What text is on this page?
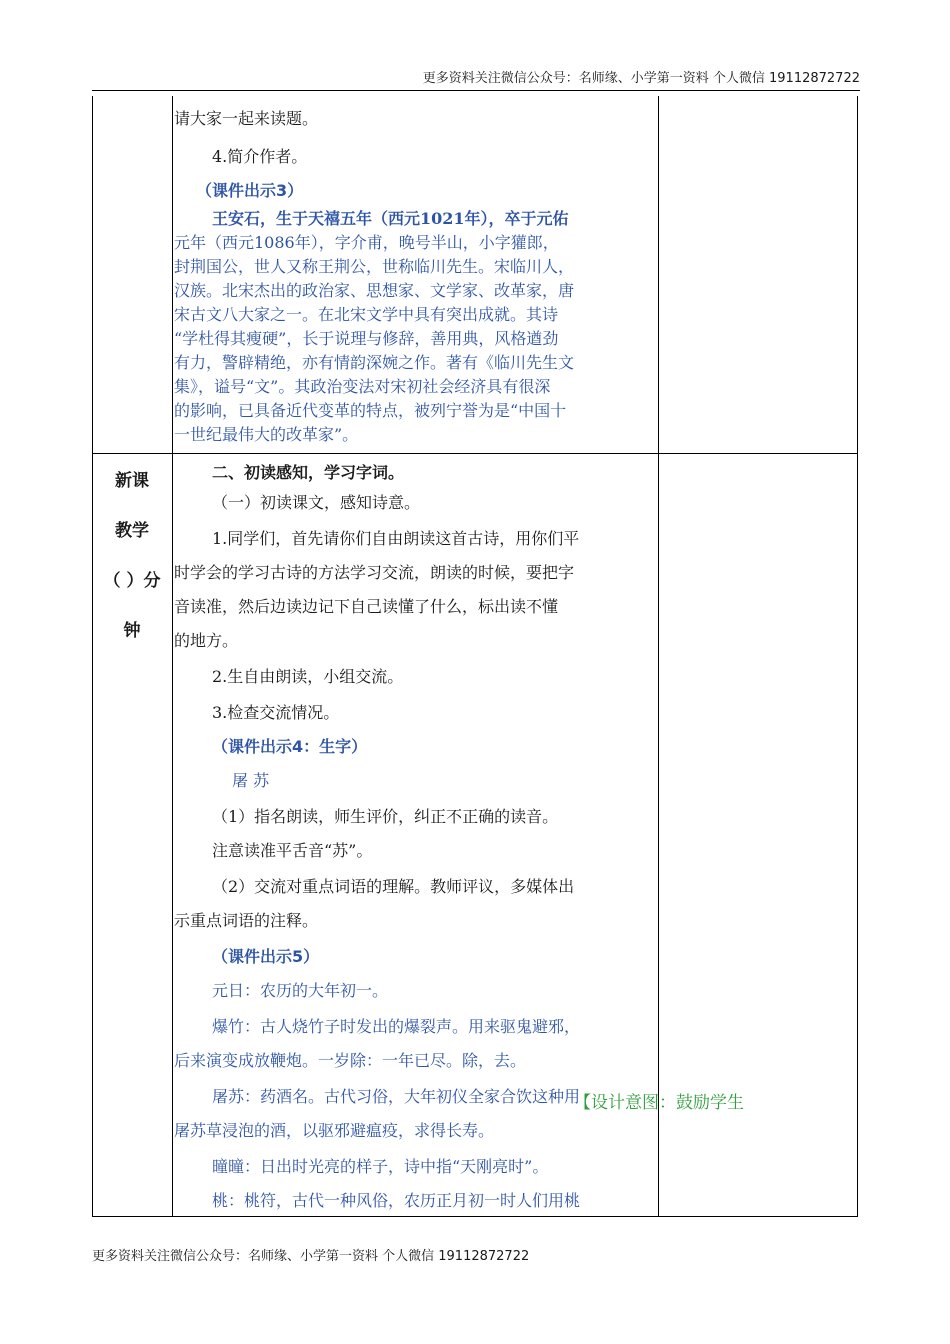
更多资料关注微信公众号：名师缘、小学第一资料 个人微信 19112872722
新课
教学
（ ）分
钟
请大家一起来读题。
4.简介作者。
（课件出示3）
王安石，生于天禧五年（西元1021年），卒于元佑
元年（西元1086年），字介甫，晚号半山，小字獾郎，
封荆国公，世人又称王荆公，世称临川先生。宋临川人，
汉族。北宋杰出的政治家、思想家、文学家、改革家，唐
宋古文八大家之一。在北宋文学中具有突出成就。其诗
“学杜得其瘦硬”，长于说理与修辞，善用典，风格遒劲
有力，警辟精绝，亦有情韵深婉之作。著有《临川先生文
集》，谥号“文”。其政治变法对宋初社会经济具有很深
的影响，已具备近代变革的特点，被列宁誉为是“中国十
一世纪最伟大的改革家”。
二、初读感知，学习字词。
（一）初读课文，感知诗意。
1.同学们，首先请你们自由朗读这首古诗，用你们平
时学会的学习古诗的方法学习交流，朗读的时候，要把字
音读准，然后边读边记下自己读懂了什么，标出读不懂
的地方。
2.生自由朗读，小组交流。
3.检查交流情况。
（课件出示4：生字）
屠 苏
（1）指名朗读，师生评价，纠正不正确的读音。
注意读准平舌音“苏”。
（2）交流对重点词语的理解。教师评议，多媒体出
示重点词语的注释。
（课件出示5）
元日：农历的大年初一。
爆竹：古人烧竹子时发出的爆裂声。用来驱鬼避邪，
后来演变成放鞭炮。一岁除：一年已尽。除，去。
屠苏：药酒名。古代习俗，大年初仪全家合饮这种用
屠苏草浸泡的酒，以驱邪避瘟疫，求得长寿。
曈曈：日出时光亮的样子，诗中指“天刚亮时”。
桃：桃符，古代一种风俗，农历正月初一时人们用桃
【设计意图：鼓励学生
更多资料关注微信公众号：名师缘、小学第一资料 个人微信 19112872722
